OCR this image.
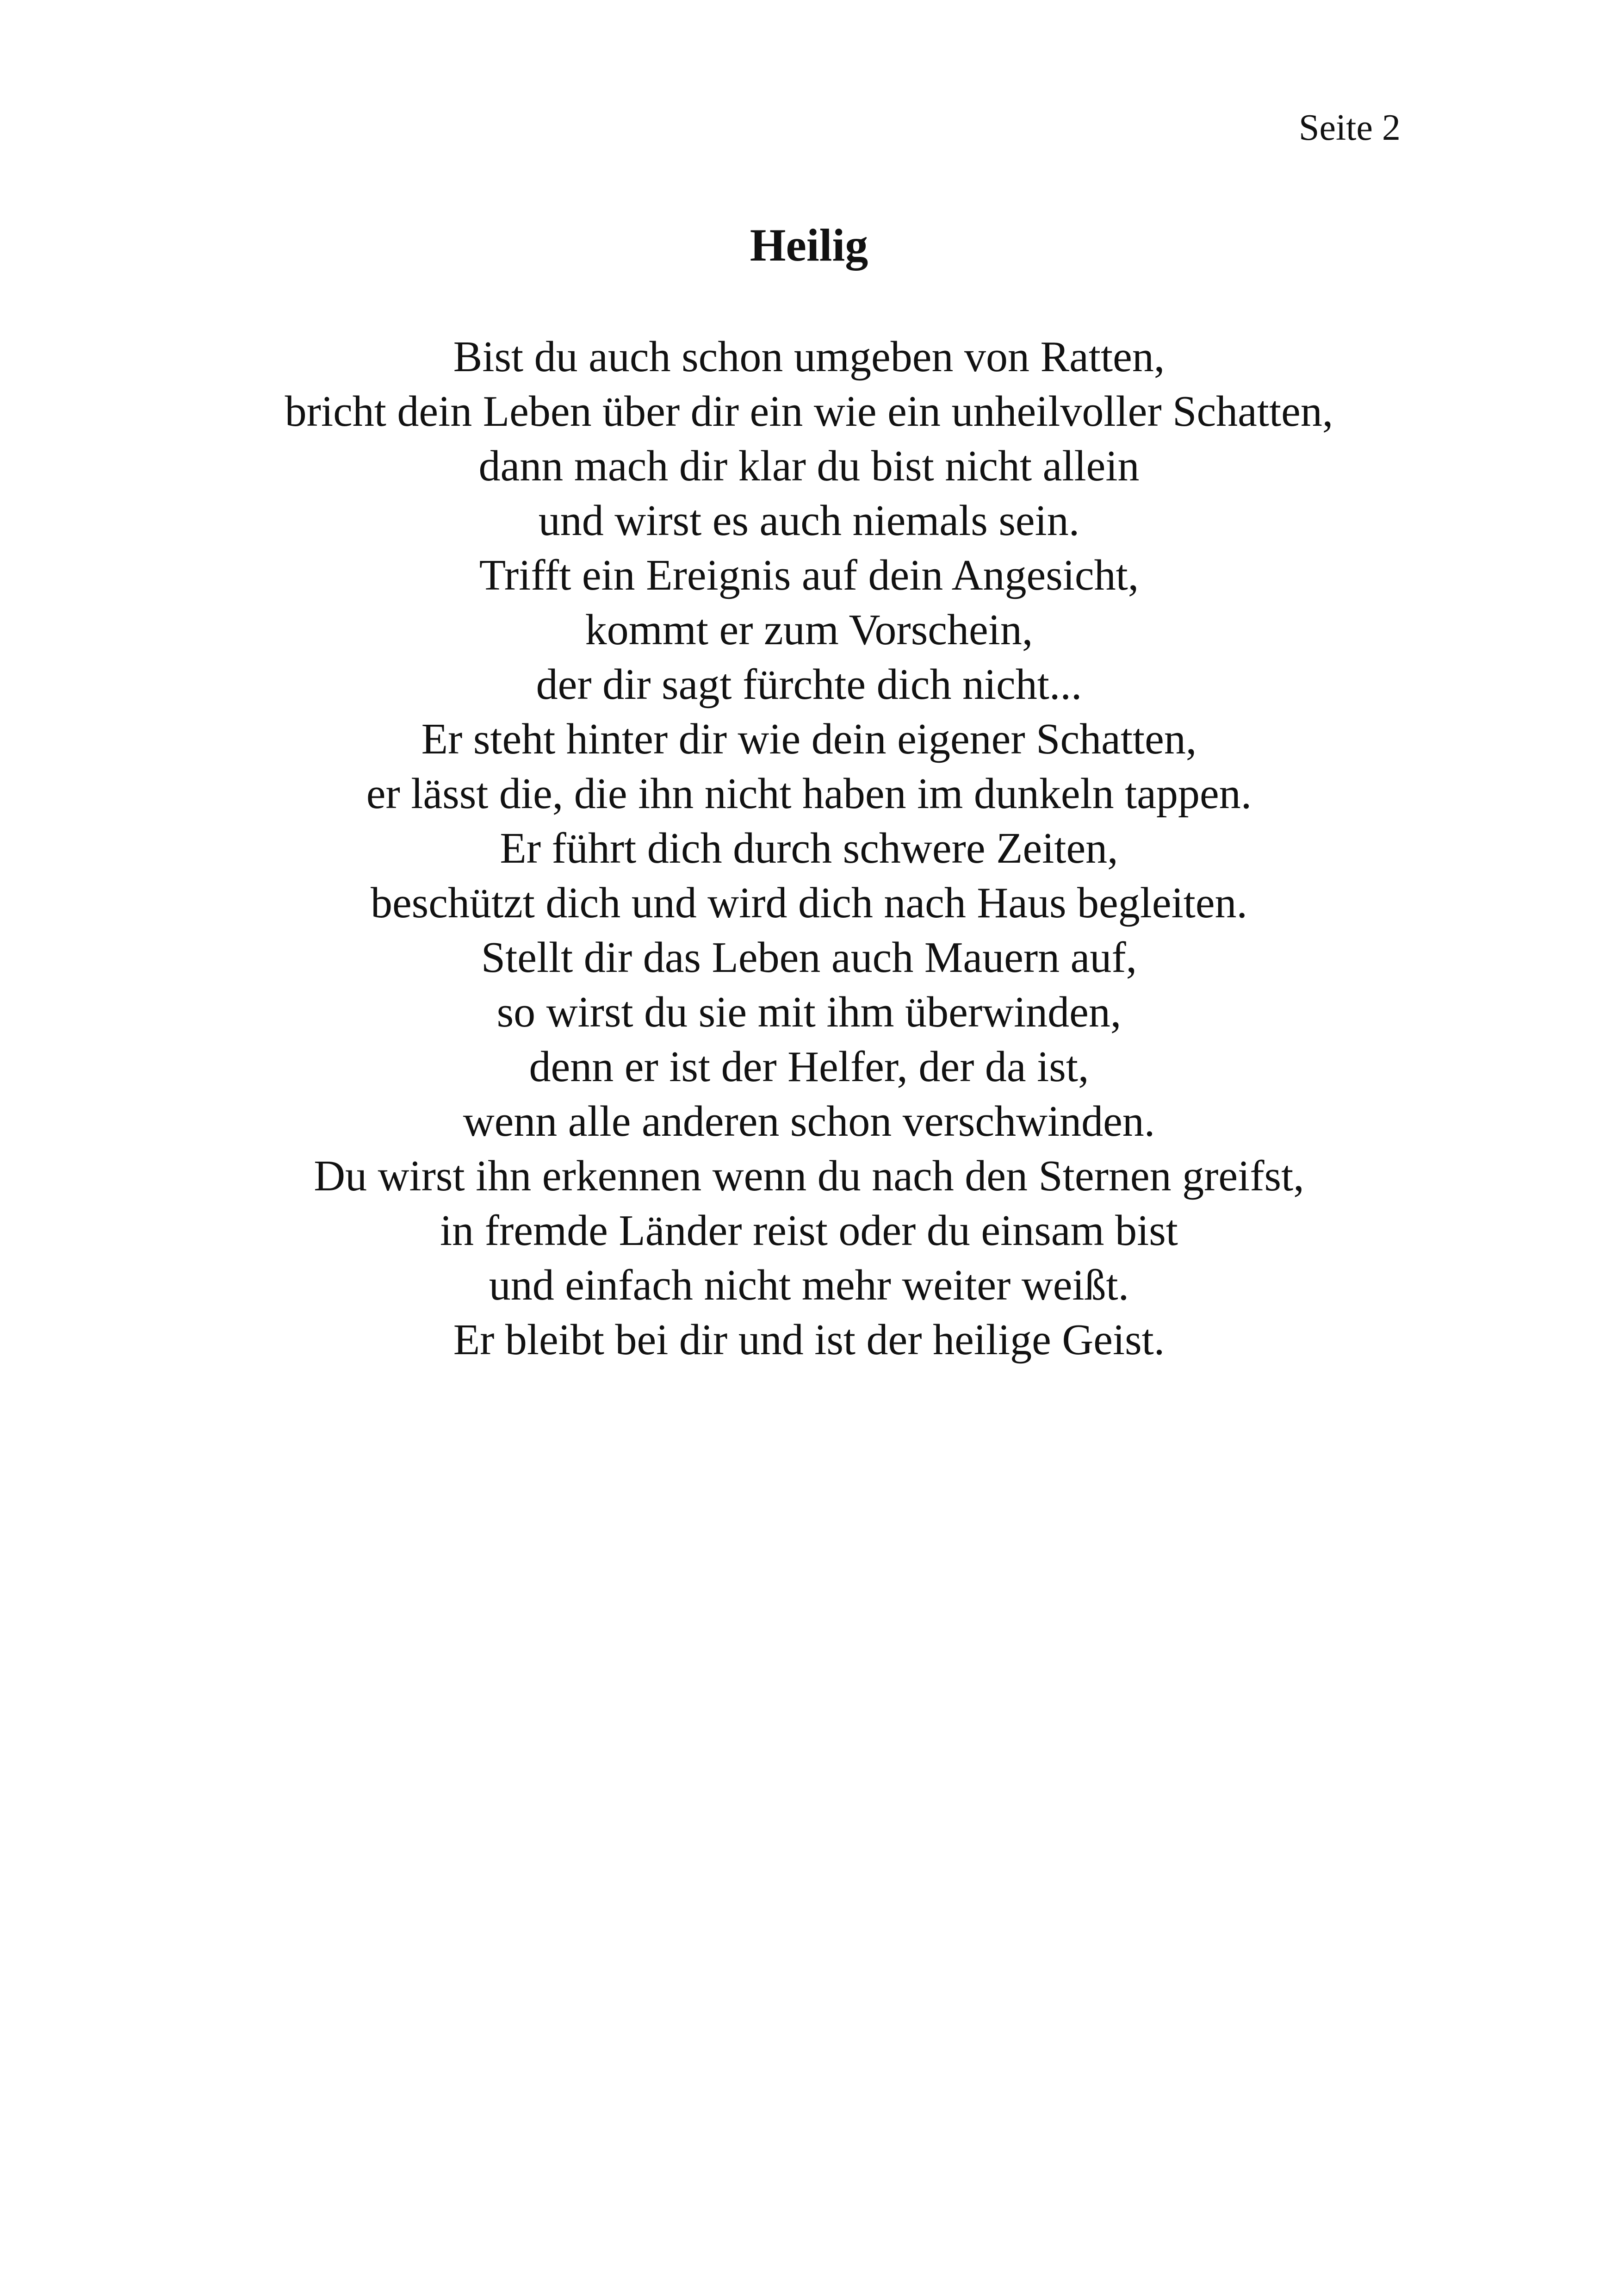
Seite 2
Heilig
Bist du auch schon umgeben von Ratten,
bricht dein Leben über dir ein wie ein unheilvoller Schatten,
dann mach dir klar du bist nicht allein
und wirst es auch niemals sein.
Trifft ein Ereignis auf dein Angesicht,
kommt er zum Vorschein,
der dir sagt fürchte dich nicht...
Er steht hinter dir wie dein eigener Schatten,
er lässt die, die ihn nicht haben im dunkeln tappen.
Er führt dich durch schwere Zeiten,
beschützt dich und wird dich nach Haus begleiten.
Stellt dir das Leben auch Mauern auf,
so wirst du sie mit ihm überwinden,
denn er ist der Helfer, der da ist,
wenn alle anderen schon verschwinden.
Du wirst ihn erkennen wenn du nach den Sternen greifst,
in fremde Länder reist oder du einsam bist
und einfach nicht mehr weiter weißt.
Er bleibt bei dir und ist der heilige Geist.
